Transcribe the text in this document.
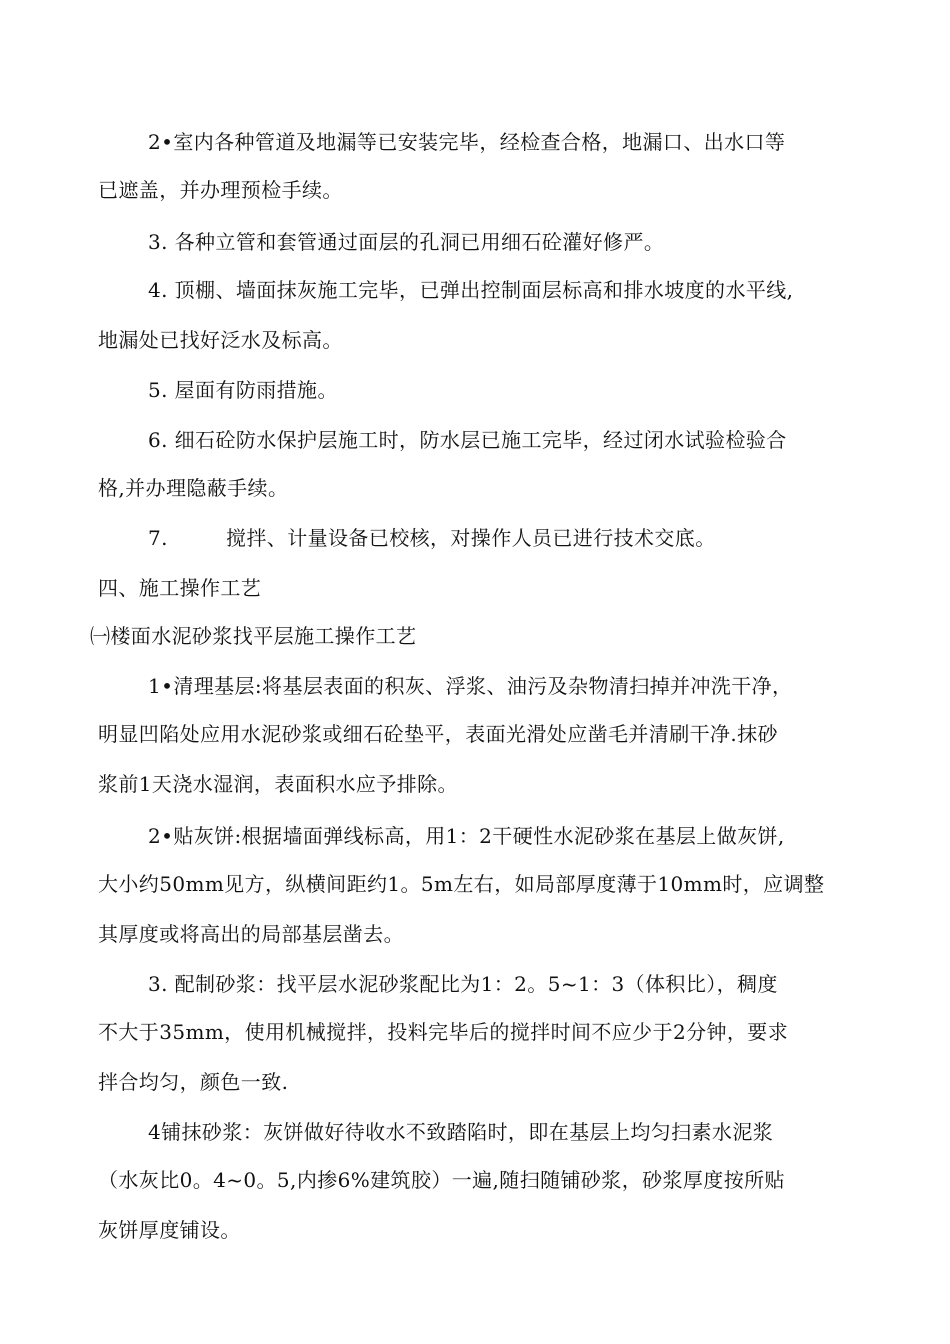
2•室内各种管道及地漏等已安装完毕，经检查合格，地漏口、出水口等
已遮盖，并办理预检手续。
3. 各种立管和套管通过面层的孔洞已用细石砼灌好修严。
4. 顶棚、墙面抹灰施工完毕，已弹出控制面层标高和排水坡度的水平线,
地漏处已找好泛水及标高。
5. 屋面有防雨措施。
6. 细石砼防水保护层施工时，防水层已施工完毕，经过闭水试验检验合
格,并办理隐蔽手续。
7.	搅拌、计量设备已校核，对操作人员已进行技术交底。
四、施工操作工艺
㈠楼面水泥砂浆找平层施工操作工艺
1•清理基层:将基层表面的积灰、浮浆、油污及杂物清扫掉并冲洗干净，
明显凹陷处应用水泥砂浆或细石砼垫平，表面光滑处应凿毛并清刷干净.抹砂
浆前1天浇水湿润，表面积水应予排除。
2•贴灰饼:根据墙面弹线标高，用1：2干硬性水泥砂浆在基层上做灰饼,
大小约50mm见方，纵横间距约1。5m左右，如局部厚度薄于10mm时，应调整
其厚度或将高出的局部基层凿去。
3. 配制砂浆：找平层水泥砂浆配比为1：2。5~1：3（体积比），稠度
不大于35mm，使用机械搅拌，投料完毕后的搅拌时间不应少于2分钟，要求
拌合均匀，颜色一致.
4铺抹砂浆：灰饼做好待收水不致踏陷时，即在基层上均匀扫素水泥浆
（水灰比0。4~0。5,内掺6%建筑胶）一遍,随扫随铺砂浆，砂浆厚度按所贴
灰饼厚度铺设。
